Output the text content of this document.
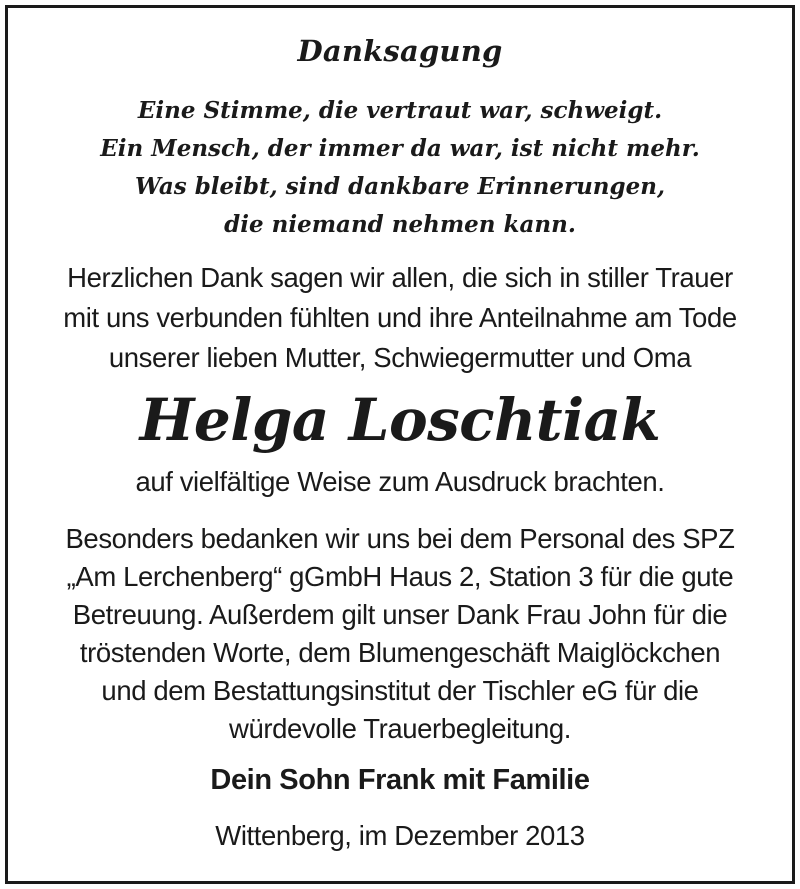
Danksagung
Eine Stimme, die vertraut war, schweigt.
Ein Mensch, der immer da war, ist nicht mehr.
Was bleibt, sind dankbare Erinnerungen,
die niemand nehmen kann.
Herzlichen Dank sagen wir allen, die sich in stiller Trauer
mit uns verbunden fühlten und ihre Anteilnahme am Tode
unserer lieben Mutter, Schwiegermutter und Oma
Helga Loschtiak
auf vielfältige Weise zum Ausdruck brachten.
Besonders bedanken wir uns bei dem Personal des SPZ
„Am Lerchenberg“ gGmbH Haus 2, Station 3 für die gute
Betreuung. Außerdem gilt unser Dank Frau John für die
tröstenden Worte, dem Blumengeschäft Maiglöckchen
und dem Bestattungsinstitut der Tischler eG für die
würdevolle Trauerbegleitung.
Dein Sohn Frank mit Familie
Wittenberg, im Dezember 2013
